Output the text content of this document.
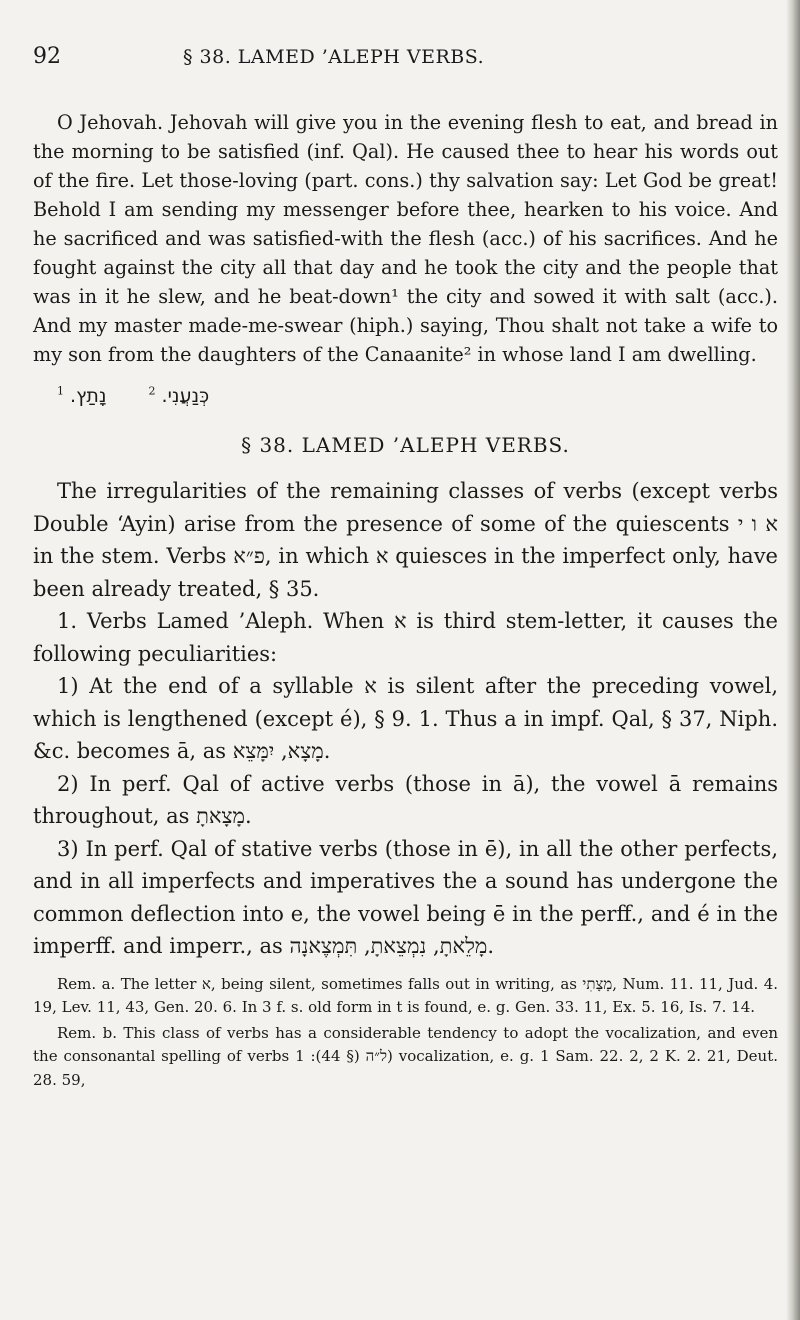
92	§ 38. LAMED ’ALEPH VERBS.

O Jehovah. Jehovah will give you in the evening flesh to eat, and bread in the morning to be satisfied (inf. Qal). He caused thee to hear his words out of the fire. Let those-loving (part. cons.) thy salvation say: Let God be great! Behold I am sending my messenger before thee, hearken to his voice. And he sacrificed and was satisfied-with the flesh (acc.) of his sacrifices. And he fought against the city all that day and he took the city and the people that was in it he slew, and he beat-down¹ the city and sowed it with salt (acc.). And my master made-me-swear (hiph.) saying, Thou shalt not take a wife to my son from the daughters of the Canaanite² in whose land I am dwelling.

$^1$ נָתַץ.	$^2$ כְּנַעֲנִי.
§ 38. LAMED ’ALEPH VERBS.

The irregularities of the remaining classes of verbs (except verbs Double ‘Ayin) arise from the presence of some of the quiescents א ו י in the stem. Verbs פ״א, in which א quiesces in the imperfect only, have been already treated, § 35.

1. Verbs Lamed ’Aleph. When א is third stem-letter, it causes the following peculiarities:

1) At the end of a syllable א is silent after the preceding vowel, which is lengthened (except é), § 9. 1. Thus a in impf. Qal, § 37, Niph. &c. becomes ā, as מָצָא, יִמָּצֵא.

2) In perf. Qal of active verbs (those in ā), the vowel ā remains throughout, as מָצָאתָ.

3) In perf. Qal of stative verbs (those in ē), in all the other perfects, and in all imperfects and imperatives the a sound has undergone the common deflection into e, the vowel being ē in the perff., and é in the imperff. and imperr., as מָלֵאתָ, נִמְצֵאתָ, תִּמְצֶאנָה.

Rem. a. The letter א, being silent, sometimes falls out in writing, as מָצָתִי, Num. 11. 11, Jud. 4. 19, Lev. 11, 43, Gen. 20. 6. In 3 f. s. old form in t is found, e. g. Gen. 33. 11, Ex. 5. 16, Is. 7. 14.

Rem. b. This class of verbs has a considerable tendency to adopt the vocalization, and even the consonantal spelling of verbs ל״ה (§ 44): 1) vocalization, e. g. 1 Sam. 22. 2, 2 K. 2. 21, Deut. 28. 59,
